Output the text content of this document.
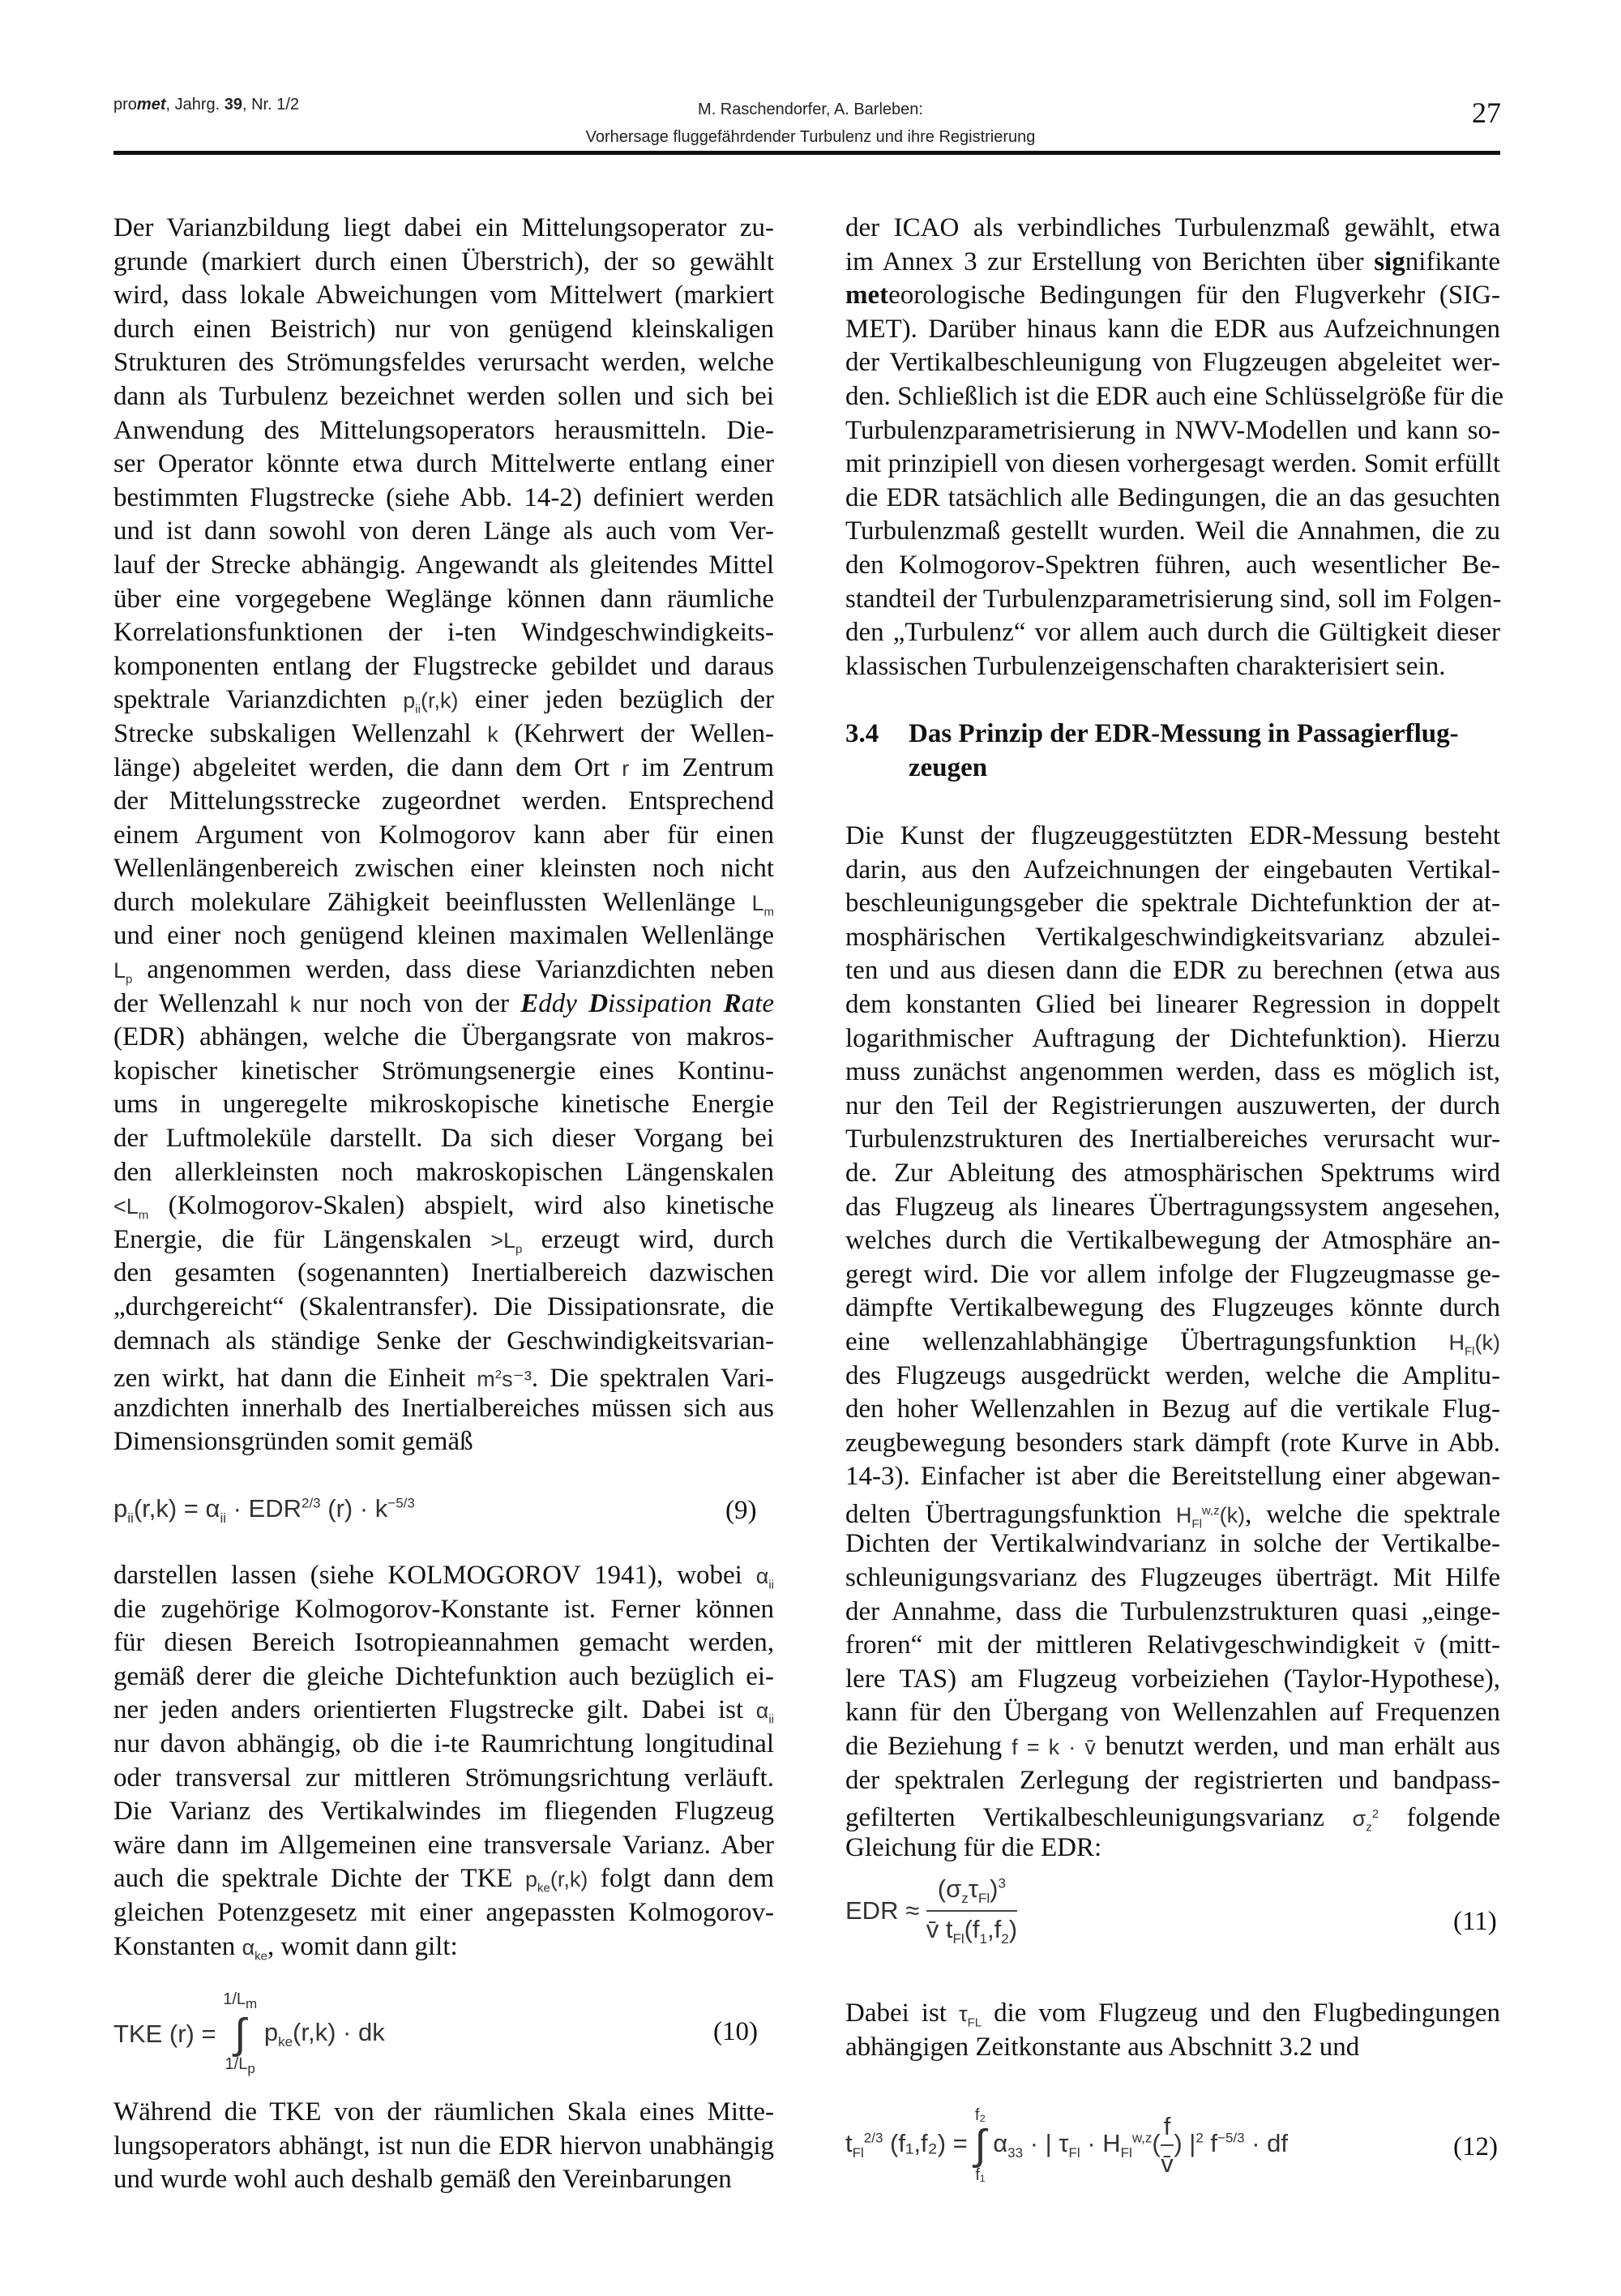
promet, Jahrg. 39, Nr. 1/2	M. Raschendorfer, A. Barleben:
Vorhersage fluggefährdender Turbulenz und ihre Registrierung
27
Der Varianzbildung liegt dabei ein Mittelungsoperator zu-
grunde (markiert durch einen Überstrich), der so gewählt
wird, dass lokale Abweichungen vom Mittelwert (markiert
durch einen Beistrich) nur von genügend kleinskaligen
Strukturen des Strömungsfeldes verursacht werden, welche
dann als Turbulenz bezeichnet werden sollen und sich bei
Anwendung des Mittelungsoperators herausmitteln. Die-
ser Operator könnte etwa durch Mittelwerte entlang einer
bestimmten Flugstrecke (siehe Abb. 14-2) definiert werden
und ist dann sowohl von deren Länge als auch vom Ver-
lauf der Strecke abhängig. Angewandt als gleitendes Mittel
über eine vorgegebene Weglänge können dann räumliche
Korrelationsfunktionen der i-ten Windgeschwindigkeits-
komponenten entlang der Flugstrecke gebildet und daraus
spektrale Varianzdichten $p_{ii}(r,k)$ einer jeden bezüglich der
Strecke subskaligen Wellenzahl k (Kehrwert der Wellen-
länge) abgeleitet werden, die dann dem Ort r im Zentrum
der Mittelungsstrecke zugeordnet werden. Entsprechend
einem Argument von Kolmogorov kann aber für einen
Wellenlängenbereich zwischen einer kleinsten noch nicht
durch molekulare Zähigkeit beeinflussten Wellenlänge $L_m$
und einer noch genügend kleinen maximalen Wellenlänge
$L_p$ angenommen werden, dass diese Varianzdichten neben
der Wellenzahl k nur noch von der Eddy Dissipation Rate
(EDR) abhängen, welche die Übergangsrate von makros-
kopischer kinetischer Strömungsenergie eines Kontinu-
ums in ungeregelte mikroskopische kinetische Energie
der Luftmoleküle darstellt. Da sich dieser Vorgang bei
den allerkleinsten noch makroskopischen Längenskalen
$<L_m$ (Kolmogorov-Skalen) abspielt, wird also kinetische
Energie, die für Längenskalen $>L_p$ erzeugt wird, durch
den gesamten (sogenannten) Inertialbereich dazwischen
„durchgereicht“ (Skalentransfer). Die Dissipationsrate, die
demnach als ständige Senke der Geschwindigkeitsvarian-
zen wirkt, hat dann die Einheit $m^2s^{-3}$. Die spektralen Vari-
anzdichten innerhalb des Inertialbereiches müssen sich aus
Dimensionsgründen somit gemäß
$p_{ii}(r,k) = \alpha_{ii} \cdot EDR^{2/3}$ $(r) \cdot k^{-5/3}$	(9)
darstellen lassen (siehe KOLMOGOROV 1941), wobei $\alpha_{ii}$
die zugehörige Kolmogorov-Konstante ist. Ferner können
für diesen Bereich Isotropieannahmen gemacht werden,
gemäß derer die gleiche Dichtefunktion auch bezüglich ei-
ner jeden anders orientierten Flugstrecke gilt. Dabei ist $\alpha_{ii}$
nur davon abhängig, ob die i-te Raumrichtung longitudinal
oder transversal zur mittleren Strömungsrichtung verläuft.
Die Varianz des Vertikalwindes im fliegenden Flugzeug
wäre dann im Allgemeinen eine transversale Varianz. Aber
auch die spektrale Dichte der TKE $p_{ke}(r,k)$ folgt dann dem
gleichen Potenzgesetz mit einer angepassten Kolmogorov-
Konstanten $\alpha_{ke}$, womit dann gilt:
TKE $(r) = 1/L_m$
∫
$1/L_p$ $p_{ke}(r,k)$ · dk	(10)
Während die TKE von der räumlichen Skala eines Mitte-
lungsoperators abhängt, ist nun die EDR hiervon unabhängig
und wurde wohl auch deshalb gemäß den Vereinbarungen
der ICAO als verbindliches Turbulenzmaß gewählt, etwa
im Annex 3 zur Erstellung von Berichten über signifikante
meteorologische Bedingungen für den Flugverkehr (SIG-
MET). Darüber hinaus kann die EDR aus Aufzeichnungen
der Vertikalbeschleunigung von Flugzeugen abgeleitet wer-
den. Schließlich ist die EDR auch eine Schlüsselgröße für die
Turbulenzparametrisierung in NWV-Modellen und kann so-
mit prinzipiell von diesen vorhergesagt werden. Somit erfüllt
die EDR tatsächlich alle Bedingungen, die an das gesuchten
Turbulenzmaß gestellt wurden. Weil die Annahmen, die zu
den Kolmogorov-Spektren führen, auch wesentlicher Be-
standteil der Turbulenzparametrisierung sind, soll im Folgen-
den „Turbulenz“ vor allem auch durch die Gültigkeit dieser
klassischen Turbulenzeigenschaften charakterisiert sein.
3.4 Das Prinzip der EDR-Messung in Passagierflug- zeugen
Die Kunst der flugzeuggestützten EDR-Messung besteht
darin, aus den Aufzeichnungen der eingebauten Vertikal-
beschleunigungsgeber die spektrale Dichtefunktion der at-
mosphärischen Vertikalgeschwindigkeitsvarianz abzulei-
ten und aus diesen dann die EDR zu berechnen (etwa aus
dem konstanten Glied bei linearer Regression in doppelt
logarithmischer Auftragung der Dichtefunktion). Hierzu
muss zunächst angenommen werden, dass es möglich ist,
nur den Teil der Registrierungen auszuwerten, der durch
Turbulenzstrukturen des Inertialbereiches verursacht wur-
de. Zur Ableitung des atmosphärischen Spektrums wird
das Flugzeug als lineares Übertragungssystem angesehen,
welches durch die Vertikalbewegung der Atmosphäre an-
geregt wird. Die vor allem infolge der Flugzeugmasse ge-
dämpfte Vertikalbewegung des Flugzeuges könnte durch
eine wellenzahlabhängige Übertragungsfunktion $H_{Fl}(k)$
des Flugzeugs ausgedrückt werden, welche die Amplitu-
den hoher Wellenzahlen in Bezug auf die vertikale Flug-
zeugbewegung besonders stark dämpft (rote Kurve in Abb.
14-3). Einfacher ist aber die Bereitstellung einer abgewan-
delten Übertragungsfunktion $H_{Fl}^{w,z}(k)$, welche die spektrale
Dichten der Vertikalwindvarianz in solche der Vertikalbe-
schleunigungsvarianz des Flugzeuges überträgt. Mit Hilfe
der Annahme, dass die Turbulenzstrukturen quasi „einge-
froren“ mit der mittleren Relativgeschwindigkeit v̄ (mitt-
lere TAS) am Flugzeug vorbeiziehen (Taylor-Hypothese),
kann für den Übergang von Wellenzahlen auf Frequenzen
die Beziehung f = k · v̄ benutzt werden, und man erhält aus
der spektralen Zerlegung der registrierten und bandpass-
gefilterten Vertikalbeschleunigungsvarianz $\sigma_z^2$ folgende
Gleichung für die EDR:
EDR ≈ $\frac{(\sigma_z\tau_{Fl})^3}{v̄ t_{Fl}(f_1,f_2)}$	(11)
Dabei ist $\tau_{FL}$ die vom Flugzeug und den Flugbedingungen
abhängigen Zeitkonstante aus Abschnitt 3.2 und
$t_{Fl}^{2/3}$ (f₁,f₂) = f₂
∫
f₁ $\alpha_{33}$ · | $\tau_{Fl} \cdot H_{Fl}^{w,z}( \frac{f}{v̄}$ ) $|^2$ $f^{-5/3}$ · df	(12)
